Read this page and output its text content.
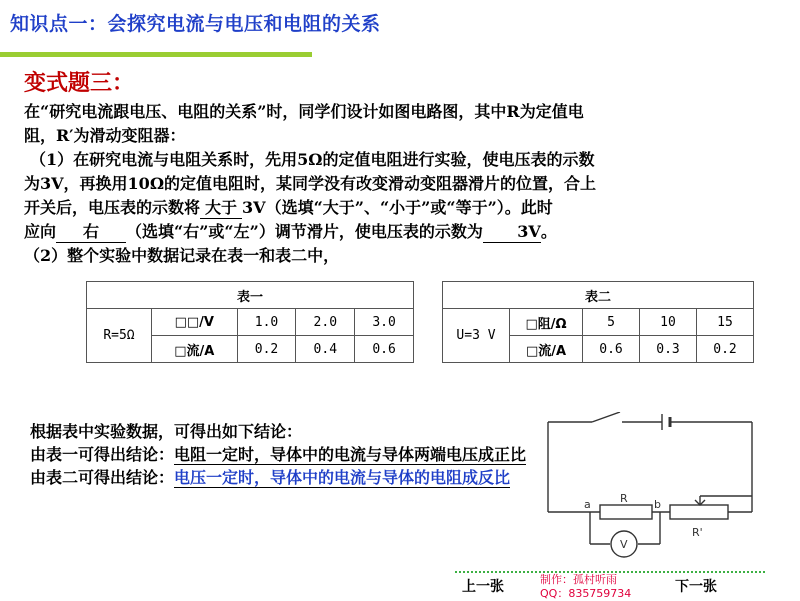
知识点一：会探究电流与电压和电阻的关系
变式题三：
在“研究电流跟电压、电阻的关系”时，同学们设计如图电路图，其中R为定值电
阻，R′为滑动变阻器：
（1）在研究电流与电阻关系时，先用5Ω的定值电阻进行实验，使电压表的示数
为3V，再换用10Ω的定值电阻时，某同学没有改变滑动变阻器滑片的位置，合上
开关后，电压表的示数将 大于 3V（选填“大于”、“小于”或“等于”）。此时
应向 右 （选填“右”或“左”）调节滑片，使电压表的示数为 3V。
（2）整个实验中数据记录在表一和表二中，
表一				
R=5Ω	□□/V	1.0	2.0	3.0
	□流/A	0.2	0.4	0.6
表二				
U=3 V	□阻/Ω	5	10	15
	□流/A	0.6	0.3	0.2
R
a	b
R'
V
根据表中实验数据，可得出如下结论：
由表一可得出结论：电阻一定时，导体中的电流与导体两端电压成正比
由表二可得出结论：电压一定时，导体中的电流与导体的电阻成反比
上一张	制作：孤村听雨
QQ：835759734	下一张
